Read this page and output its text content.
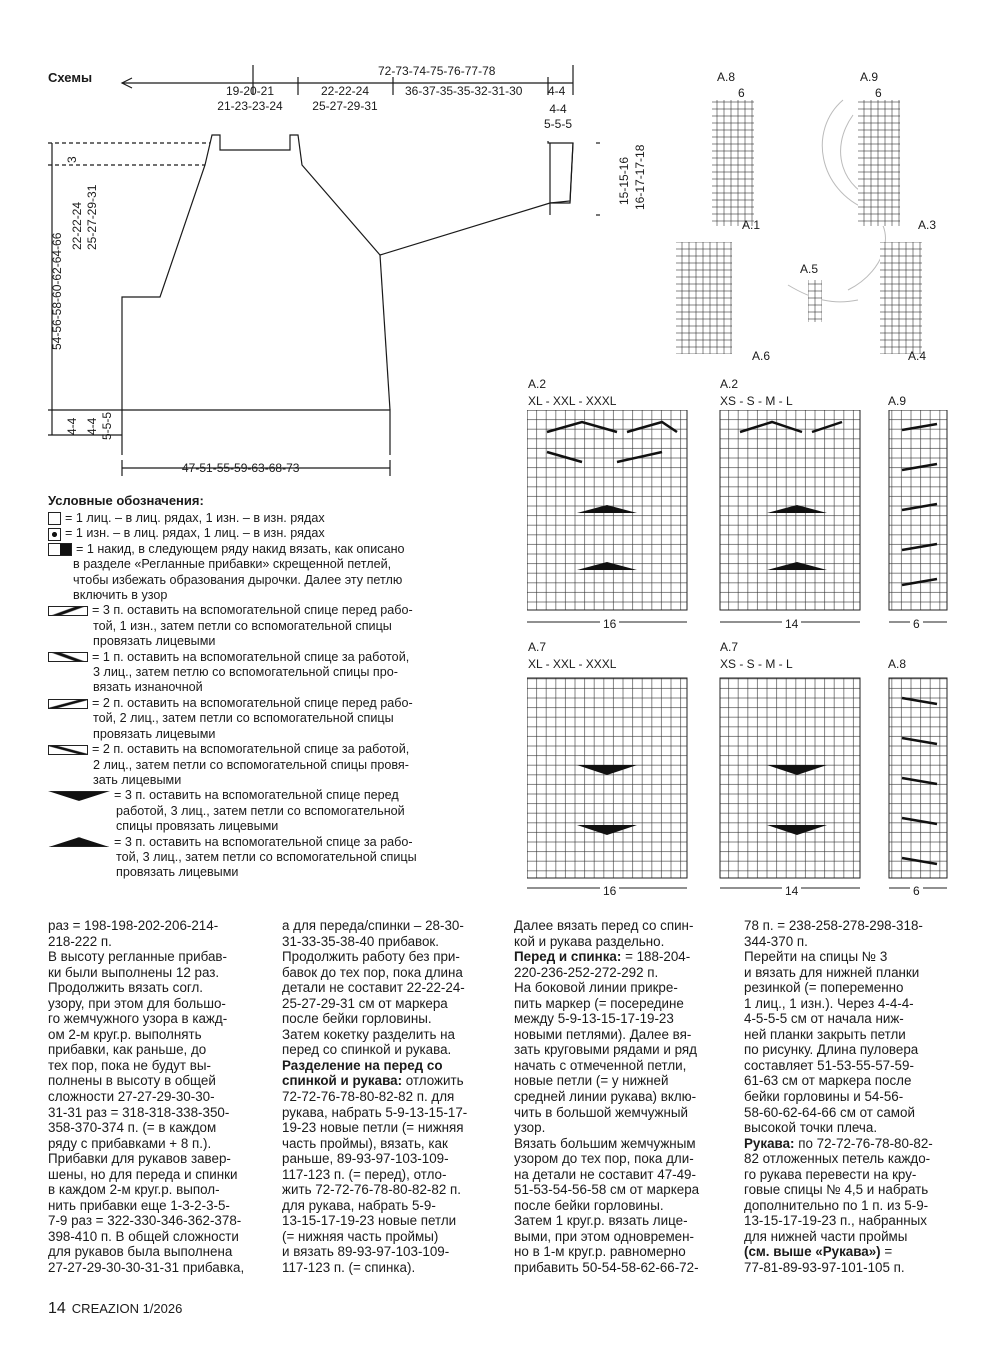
Схемы	72-73-74-75-76-77-78
19-20-21
21-23-23-24
22-22-24
25-27-29-31
36-37-35-35-32-31-30 4-4
4-4
5-5-5
3
22-22-24 25-27-29-31
54-56-58-60-62-64-66
4-4 4-4 5-5-5
15-15-16 16-17-17-18
47-51-55-59-63-68-73
A.8
6
A.9
6
A.1	A.3
A.5
A.6	A.4
A.2
XL - XXL - XXXL
A.2
XS - S - M - L	A.9
16	14	6
A.7
XL - XXL - XXXL
A.7
XS - S - M - L	A.8
16	14	6
Условные обозначения:
= 1 лиц. – в лиц. рядах, 1 изн. – в изн. рядах
= 1 изн. – в лиц. рядах, 1 лиц. – в изн. рядах
= 1 накид, в следующем ряду накид вязать, как описано
в разделе «Регланные прибавки» скрещенной петлей,
чтобы избежать образования дырочки. Далее эту петлю
включить в узор
= 3 п. оставить на вспомогательной спице перед рабо-
той, 1 изн., затем петли со вспомогательной спицы
провязать лицевыми
= 1 п. оставить на вспомогательной спице за работой,
3 лиц., затем петлю со вспомогательной спицы про-
вязать изнаночной
= 2 п. оставить на вспомогательной спице перед рабо-
той, 2 лиц., затем петли со вспомогательной спицы
провязать лицевыми
= 2 п. оставить на вспомогательной спице за работой,
2 лиц., затем петли со вспомогательной спицы провя-
зать лицевыми
= 3 п. оставить на вспомогательной спице перед
работой, 3 лиц., затем петли со вспомогательной
спицы провязать лицевыми
= 3 п. оставить на вспомогательной спице за рабо-
той, 3 лиц., затем петли со вспомогательной спицы
провязать лицевыми
раз = 198-198-202-206-214-
218-222 п.
В высоту регланные прибав-
ки были выполнены 12 раз.
Продолжить вязать согл.
узору, при этом для большо-
го жемчужного узора в кажд-
ом 2-м круг.р. выполнять
прибавки, как раньше, до
тех пор, пока не будут вы-
полнены в высоту в общей
сложности 27-27-29-30-30-
31-31 раз = 318-318-338-350-
358-370-374 п. (= в каждом
ряду с прибавками + 8 п.).
Прибавки для рукавов завер-
шены, но для переда и спинки
в каждом 2-м круг.р. выпол-
нить прибавки еще 1-3-2-3-5-
7-9 раз = 322-330-346-362-378-
398-410 п. В общей сложности
для рукавов была выполнена
27-27-29-30-30-31-31 прибавка,
а для переда/спинки – 28-30-
31-33-35-38-40 прибавок.
Продолжить работу без при-
бавок до тех пор, пока длина
детали не составит 22-22-24-
25-27-29-31 см от маркера
после бейки горловины.
Затем кокетку разделить на
перед со спинкой и рукава.
Разделение на перед со
спинкой и рукава: отложить
72-72-76-78-80-82-82 п. для
рукава, набрать 5-9-13-15-17-
19-23 новые петли (= нижняя
часть проймы), вязать, как
раньше, 89-93-97-103-109-
117-123 п. (= перед), отло-
жить 72-72-76-78-80-82-82 п.
для рукава, набрать 5-9-
13-15-17-19-23 новые петли
(= нижняя часть проймы)
и вязать 89-93-97-103-109-
117-123 п. (= спинка).
Далее вязать перед со спин-
кой и рукава раздельно.
Перед и спинка: = 188-204-
220-236-252-272-292 п.
На боковой линии прикре-
пить маркер (= посередине
между 5-9-13-15-17-19-23
новыми петлями). Далее вя-
зать круговыми рядами и ряд
начать с отмеченной петли,
новые петли (= у нижней
средней линии рукава) вклю-
чить в большой жемчужный
узор.
Вязать большим жемчужным
узором до тех пор, пока дли-
на детали не составит 47-49-
51-53-54-56-58 см от маркера
после бейки горловины.
Затем 1 круг.р. вязать лице-
выми, при этом одновремен-
но в 1-м круг.р. равномерно
прибавить 50-54-58-62-66-72-
78 п. = 238-258-278-298-318-
344-370 п.
Перейти на спицы № 3
и вязать для нижней планки
резинкой (= попеременно
1 лиц., 1 изн.). Через 4-4-4-
4-5-5-5 см от начала ниж-
ней планки закрыть петли
по рисунку. Длина пуловера
составляет 51-53-55-57-59-
61-63 см от маркера после
бейки горловины и 54-56-
58-60-62-64-66 см от самой
высокой точки плеча.
Рукава: по 72-72-76-78-80-82-
82 отложенных петель каждо-
го рукава перевести на кру-
говые спицы № 4,5 и набрать
дополнительно по 1 п. из 5-9-
13-15-17-19-23 п., набранных
для нижней части проймы
(см. выше «Рукава») =
77-81-89-93-97-101-105 п.
14 CREAZION 1/2026
